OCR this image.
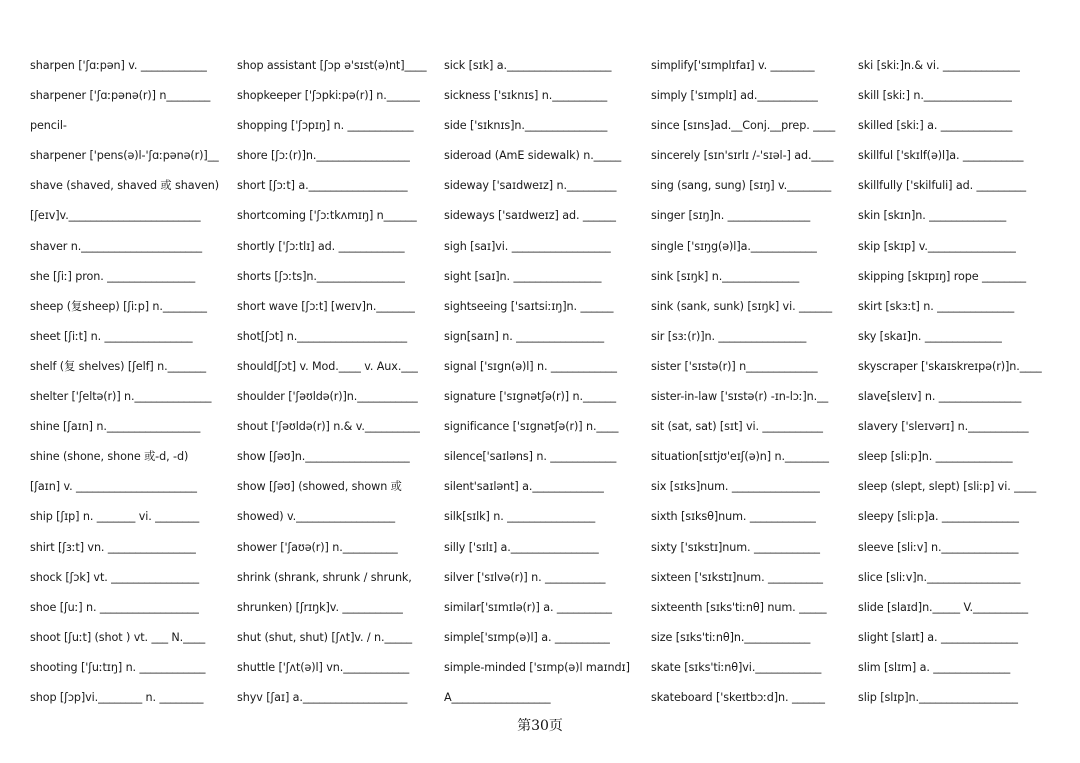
sharpen ['ʃɑːpən] v. ____________
sharpener ['ʃɑːpənə(r)] n________
pencil-
sharpener ['pens(ə)l-'ʃɑːpənə(r)]__
shave (shaved, shaved 或 shaven)
[ʃeɪv]v.________________________
shaver n.______________________
she [ʃiː] pron. ________________
sheep (复sheep) [ʃiːp] n.________
sheet [ʃiːt] n. ________________
shelf (复 shelves) [ʃelf] n._______
shelter ['ʃeltə(r)] n.______________
shine [ʃaɪn] n._________________
shine (shone, shone 或-d, -d)
[ʃaɪn] v. ______________________
ship [ʃɪp] n. _______ vi. ________
shirt [ʃɜːt] vn. ________________
shock [ʃɔk] vt. ________________
shoe [ʃuː] n. __________________
shoot [ʃuːt] (shot ) vt. ___ N.____
shooting ['ʃuːtɪŋ] n. ____________
shop [ʃɔp]vi.________ n. ________
shop assistant [ʃɔp ə'sɪst(ə)nt]____
shopkeeper ['ʃɔpkiːpə(r)] n.______
shopping ['ʃɔpɪŋ] n. ____________
shore [ʃɔː(r)]n._________________
short [ʃɔːt] a.__________________
shortcoming ['ʃɔːtkʌmɪŋ] n______
shortly ['ʃɔːtlɪ] ad. ____________
shorts [ʃɔːts]n.________________
short wave [ʃɔːt] [weɪv]n._______
shot[ʃɔt] n.____________________
should[ʃɔt] v. Mod.____ v. Aux.___
shoulder ['ʃəʊldə(r)]n.___________
shout ['ʃəʊldə(r)] n.& v.__________
show [ʃəʊ]n.___________________
show [ʃəʊ] (showed, shown 或
showed) v.__________________
shower ['ʃaʊə(r)] n.__________
shrink (shrank, shrunk / shrunk,
shrunken) [ʃrɪŋk]v. ___________
shut (shut, shut) [ʃʌt]v. / n._____
shuttle ['ʃʌt(ə)l] vn.____________
shyv [ʃaɪ] a.___________________
sick [sɪk] a.___________________
sickness ['sɪknɪs] n.__________
side ['sɪknɪs]n._______________
sideroad (AmE sidewalk) n._____
sideway ['saɪdweɪz] n._________
sideways ['saɪdweɪz] ad. ______
sigh [saɪ]vi. __________________
sight [saɪ]n. ________________
sightseeing ['saɪtsiːɪŋ]n. ______
sign[saɪn] n. ________________
signal ['sɪgn(ə)l] n. ____________
signature ['sɪgnətʃə(r)] n.______
significance ['sɪgnətʃə(r)] n.____
silence['saɪləns] n. ____________
silent'saɪlənt] a._____________
silk[sɪlk] n. ________________
silly ['sɪlɪ] a.________________
silver ['sɪlvə(r)] n. ___________
similar['sɪmɪlə(r)] a. __________
simple['sɪmp(ə)l] a. __________
simple-minded ['sɪmp(ə)l maɪndɪ]
A__________________
simplify['sɪmplɪfaɪ] v. ________
simply ['sɪmplɪ] ad.___________
since [sɪns]ad.__Conj.__prep. ____
sincerely [sɪn'sɪrlɪ /-'sɪəl-] ad.____
sing (sang, sung) [sɪŋ] v.________
singer [sɪŋ]n. _______________
single ['sɪŋg(ə)l]a.____________
sink [sɪŋk] n.______________
sink (sank, sunk) [sɪŋk] vi. ______
sir [sɜː(r)]n. ________________
sister ['sɪstə(r)] n_____________
sister-in-law ['sɪstə(r) -ɪn-lɔː]n.__
sit (sat, sat) [sɪt] vi. ___________
situation[sɪtjʊ'eɪʃ(ə)n] n.________
six [sɪks]num. ________________
sixth [sɪksθ]num. ____________
sixty ['sɪkstɪ]num. ____________
sixteen ['sɪkstɪ]num. __________
sixteenth [sɪks'tiːnθ] num. _____
size [sɪks'tiːnθ]n.____________
skate [sɪks'tiːnθ]vi.____________
skateboard ['skeɪtbɔːd]n. ______
ski [skiː]n.& vi. ______________
skill [skiː] n.________________
skilled [skiː] a. _____________
skillful ['skɪlf(ə)l]a. ___________
skillfully ['skilfuli] ad. _________
skin [skɪn]n. ______________
skip [skɪp] v.________________
skipping [skɪpɪŋ] rope ________
skirt [skɜːt] n. ______________
sky [skaɪ]n. ______________
skyscraper ['skaɪskreɪpə(r)]n.____
slave[sleɪv] n. _______________
slavery ['sleɪvərɪ] n.___________
sleep [sliːp]n. ______________
sleep (slept, slept) [sliːp] vi. ____
sleepy [sliːp]a. ______________
sleeve [sliːv] n.______________
slice [sliːv]n._________________
slide [slaɪd]n._____ V.__________
slight [slaɪt] a. ______________
slim [slɪm] a. ______________
slip [slɪp]n.__________________
第30页
